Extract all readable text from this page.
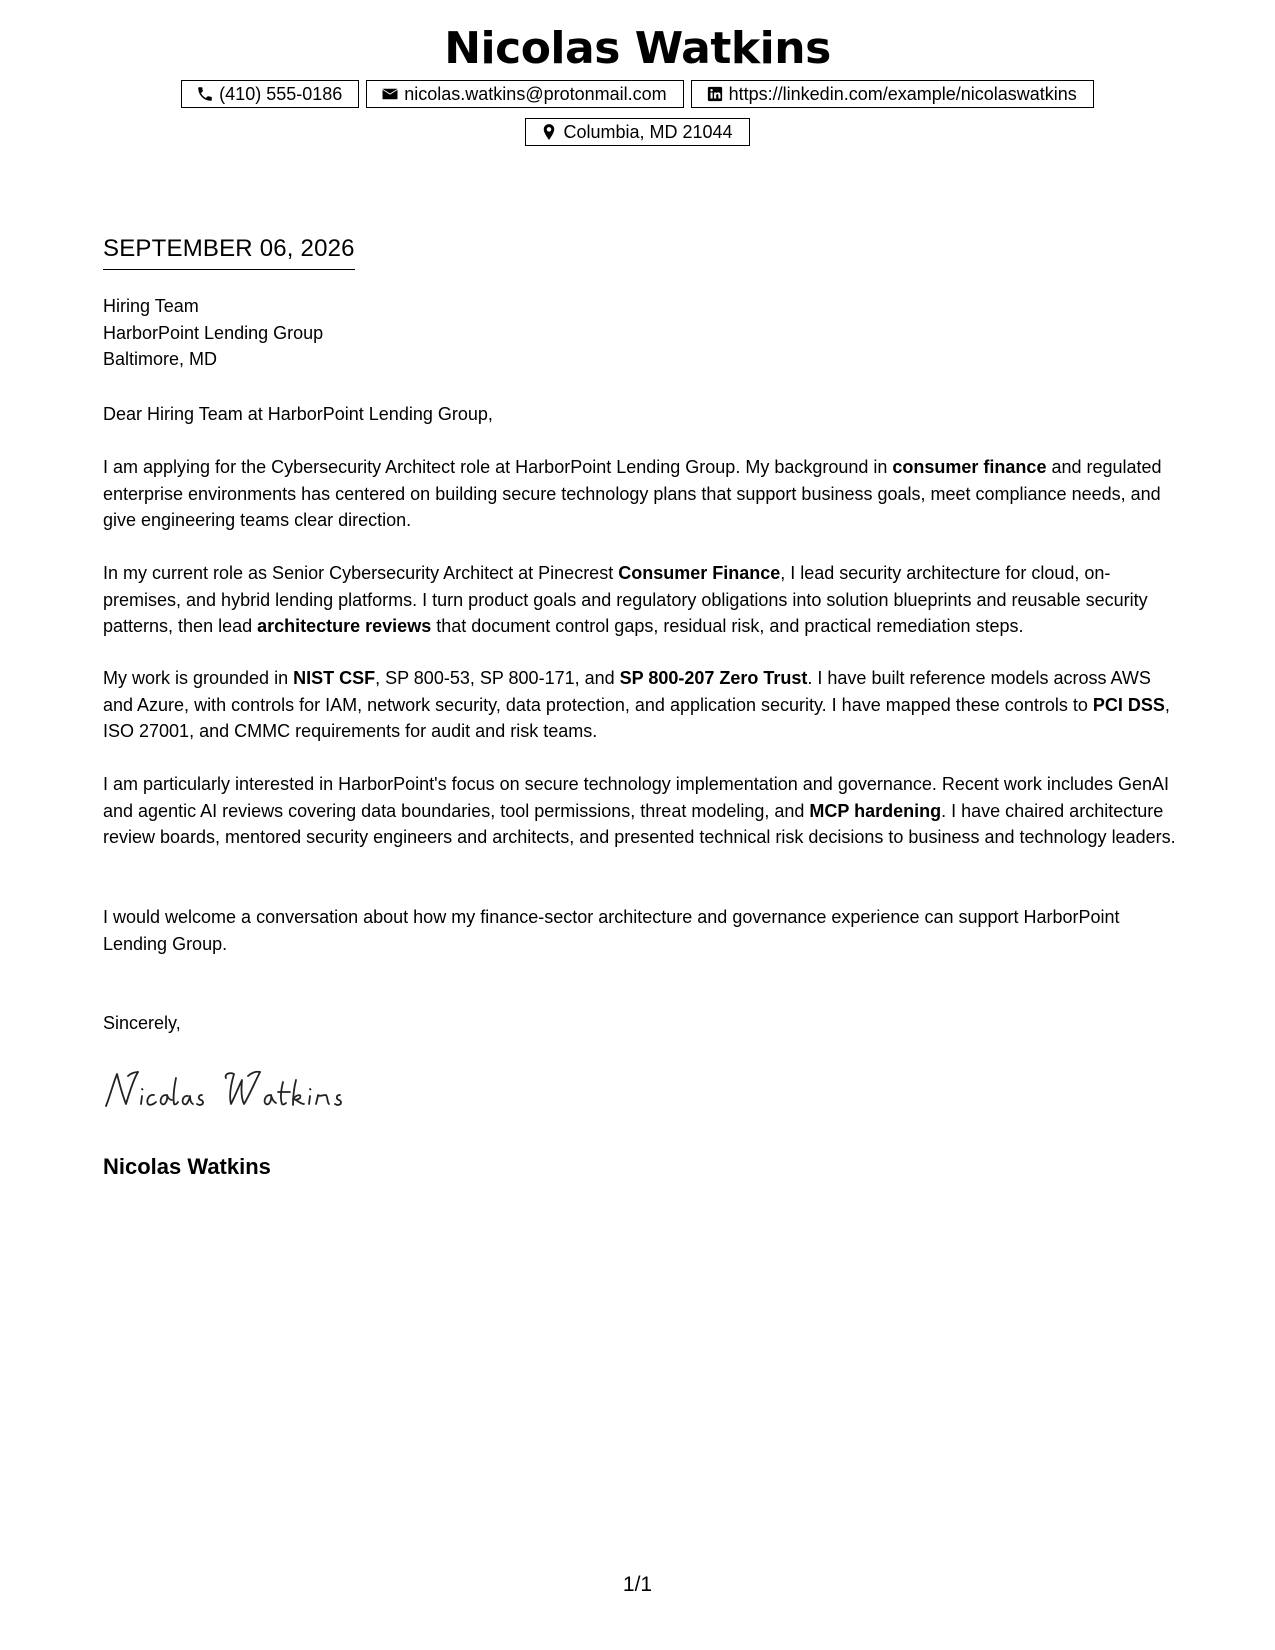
Nicolas Watkins
(410) 555-0186	nicolas.watkins@protonmail.com	https://linkedin.com/example/nicolaswatkins
Columbia, MD 21044
SEPTEMBER 06, 2026
Hiring Team
HarborPoint Lending Group
Baltimore, MD
Dear Hiring Team at HarborPoint Lending Group,

I am applying for the Cybersecurity Architect role at HarborPoint Lending Group. My background in consumer finance and regulated enterprise environments has centered on building secure technology plans that support business goals, meet compliance needs, and give engineering teams clear direction.

In my current role as Senior Cybersecurity Architect at Pinecrest Consumer Finance, I lead security architecture for cloud, on-premises, and hybrid lending platforms. I turn product goals and regulatory obligations into solution blueprints and reusable security patterns, then lead architecture reviews that document control gaps, residual risk, and practical remediation steps.

My work is grounded in NIST CSF, SP 800-53, SP 800-171, and SP 800-207 Zero Trust. I have built reference models across AWS and Azure, with controls for IAM, network security, data protection, and application security. I have mapped these controls to PCI DSS, ISO 27001, and CMMC requirements for audit and risk teams.

I am particularly interested in HarborPoint's focus on secure technology implementation and governance. Recent work includes GenAI and agentic AI reviews covering data boundaries, tool permissions, threat modeling, and MCP hardening. I have chaired architecture review boards, mentored security engineers and architects, and presented technical risk decisions to business and technology leaders.

I would welcome a conversation about how my finance-sector architecture and governance experience can support HarborPoint Lending Group.

Sincerely,
Nicolas Watkins
1/1
